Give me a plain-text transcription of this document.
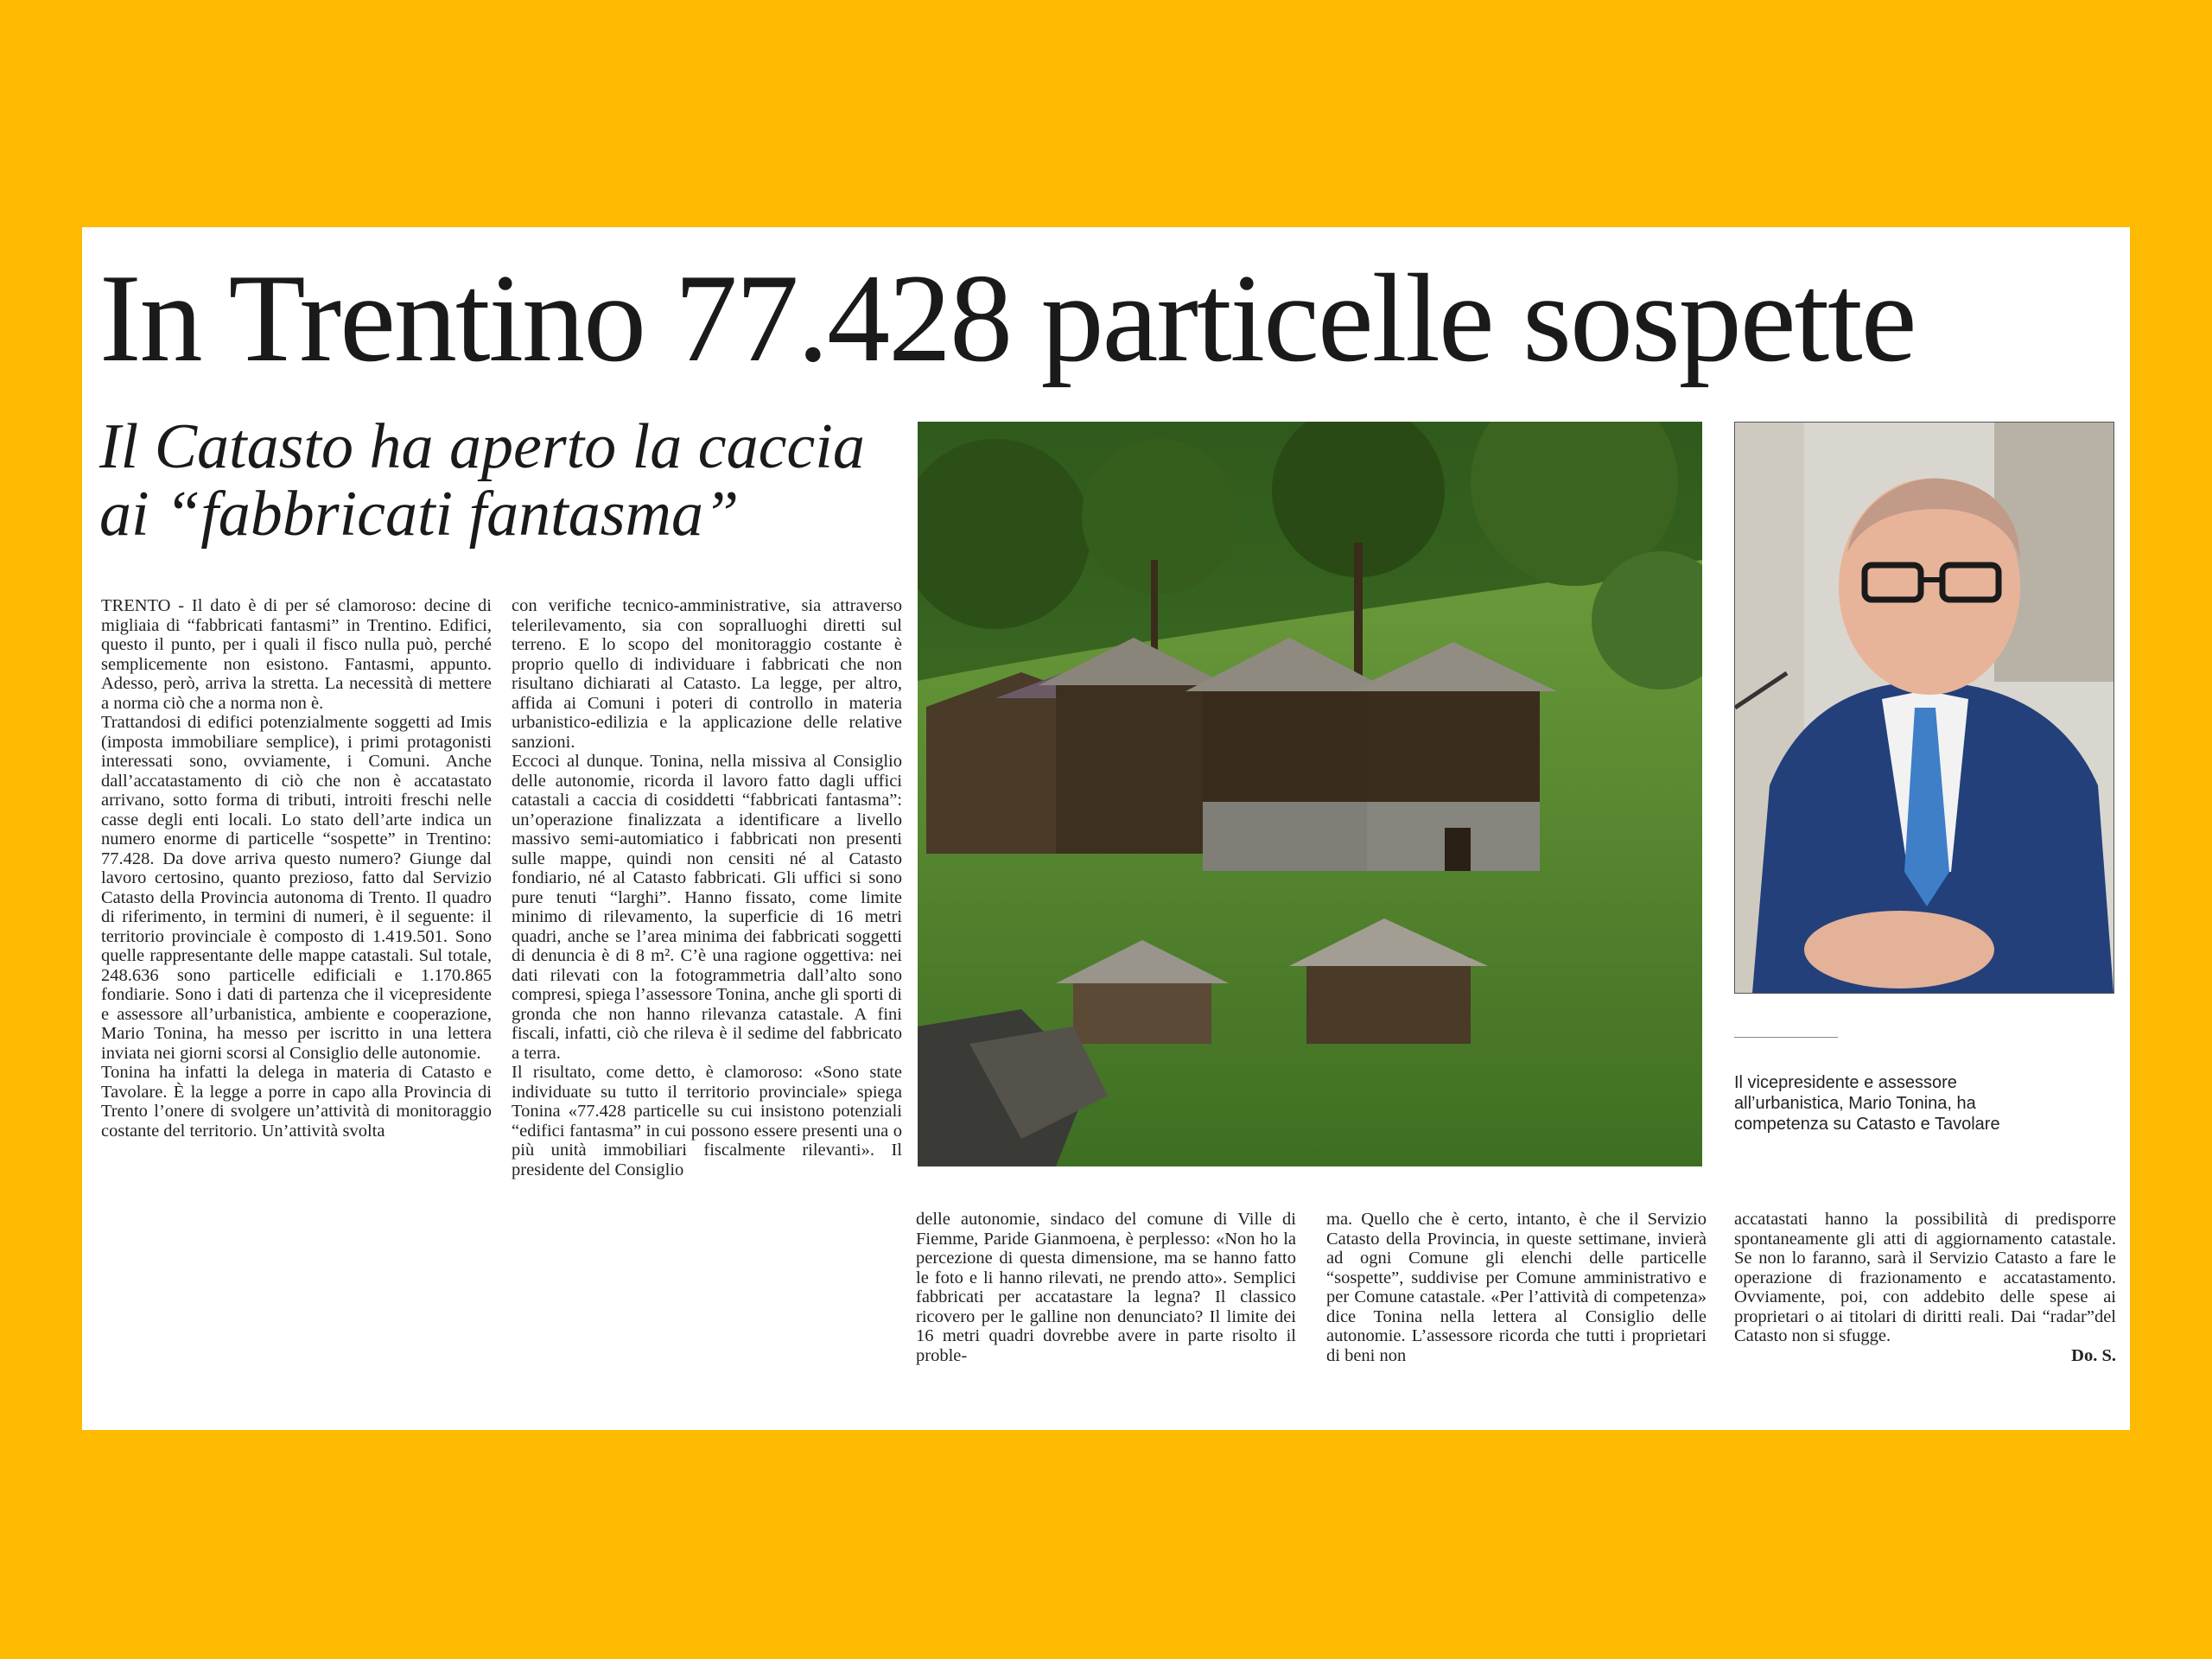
In Trentino 77.428 particelle sospette
Il Catasto ha aperto la caccia
ai “fabbricati fantasma”

TRENTO - Il dato è di per sé clamoroso: decine di migliaia di “fabbricati fantasmi” in Trentino. Edifici, questo il punto, per i quali il fisco nulla può, perché semplicemente non esistono. Fantasmi, appunto. Adesso, però, arriva la stretta. La necessità di mettere a norma ciò che a norma non è.

Trattandosi di edifici potenzialmente soggetti ad Imis (imposta immobiliare semplice), i primi protagonisti interessati sono, ovviamente, i Comuni. Anche dall’accatastamento di ciò che non è accatastato arrivano, sotto forma di tributi, introiti freschi nelle casse degli enti locali. Lo stato dell’arte indica un numero enorme di particelle “sospette” in Trentino: 77.428. Da dove arriva questo numero? Giunge dal lavoro certosino, quanto prezioso, fatto dal Servizio Catasto della Provincia autonoma di Trento. Il quadro di riferimento, in termini di numeri, è il seguente: il territorio provinciale è composto di 1.419.501. Sono quelle rappresentante delle mappe catastali. Sul totale, 248.636 sono particelle edificiali e 1.170.865 fondiarie. Sono i dati di partenza che il vicepresidente e assessore all’urbanistica, ambiente e cooperazione, Mario Tonina, ha messo per iscritto in una lettera inviata nei giorni scorsi al Consiglio delle autonomie.

Tonina ha infatti la delega in materia di Catasto e Tavolare. È la legge a porre in capo alla Provincia di Trento l’onere di svolgere un’attività di monitoraggio costante del territorio. Un’attività svolta

con verifiche tecnico-amministrative, sia attraverso telerilevamento, sia con sopralluoghi diretti sul terreno. E lo scopo del monitoraggio costante è proprio quello di individuare i fabbricati che non risultano dichiarati al Catasto. La legge, per altro, affida ai Comuni i poteri di controllo in materia urbanistico-edilizia e la applicazione delle relative sanzioni.

Eccoci al dunque. Tonina, nella missiva al Consiglio delle autonomie, ricorda il lavoro fatto dagli uffici catastali a caccia di cosiddetti “fabbricati fantasma”: un’operazione finalizzata a identificare a livello massivo semi-automiatico i fabbricati non presenti sulle mappe, quindi non censiti né al Catasto fondiario, né al Catasto fabbricati. Gli uffici si sono pure tenuti “larghi”. Hanno fissato, come limite minimo di rilevamento, la superficie di 16 metri quadri, anche se l’area minima dei fabbricati soggetti di denuncia è di 8 m². C’è una ragione oggettiva: nei dati rilevati con la fotogrammetria dall’alto sono compresi, spiega l’assessore Tonina, anche gli sporti di gronda che non hanno rilevanza catastale. A fini fiscali, infatti, ciò che rileva è il sedime del fabbricato a terra.

Il risultato, come detto, è clamoroso: «Sono state individuate su tutto il territorio provinciale» spiega Tonina «77.428 particelle su cui insistono potenziali “edifici fantasma” in cui possono essere presenti una o più unità immobiliari fiscalmente rilevanti». Il presidente del Consiglio

Il vicepresidente e assessore all’urbanistica, Mario Tonina, ha competenza su Catasto e Tavolare

delle autonomie, sindaco del comune di Ville di Fiemme, Paride Gianmoena, è perplesso: «Non ho la percezione di questa dimensione, ma se hanno fatto le foto e li hanno rilevati, ne prendo atto». Semplici fabbricati per accatastare la legna? Il classico ricovero per le galline non denunciato? Il limite dei 16 metri quadri dovrebbe avere in parte risolto il proble-

ma. Quello che è certo, intanto, è che il Servizio Catasto della Provincia, in queste settimane, invierà ad ogni Comune gli elenchi delle particelle “sospette”, suddivise per Comune amministrativo e per Comune catastale. «Per l’attività di competenza» dice Tonina nella lettera al Consiglio delle autonomie. L’assessore ricorda che tutti i proprietari di beni non

accatastati hanno la possibilità di predisporre spontaneamente gli atti di aggiornamento catastale. Se non lo faranno, sarà il Servizio Catasto a fare le operazione di frazionamento e accatastamento. Ovviamente, poi, con addebito delle spese ai proprietari o ai titolari di diritti reali. Dai “radar”del Catasto non si sfugge.

Do. S.
